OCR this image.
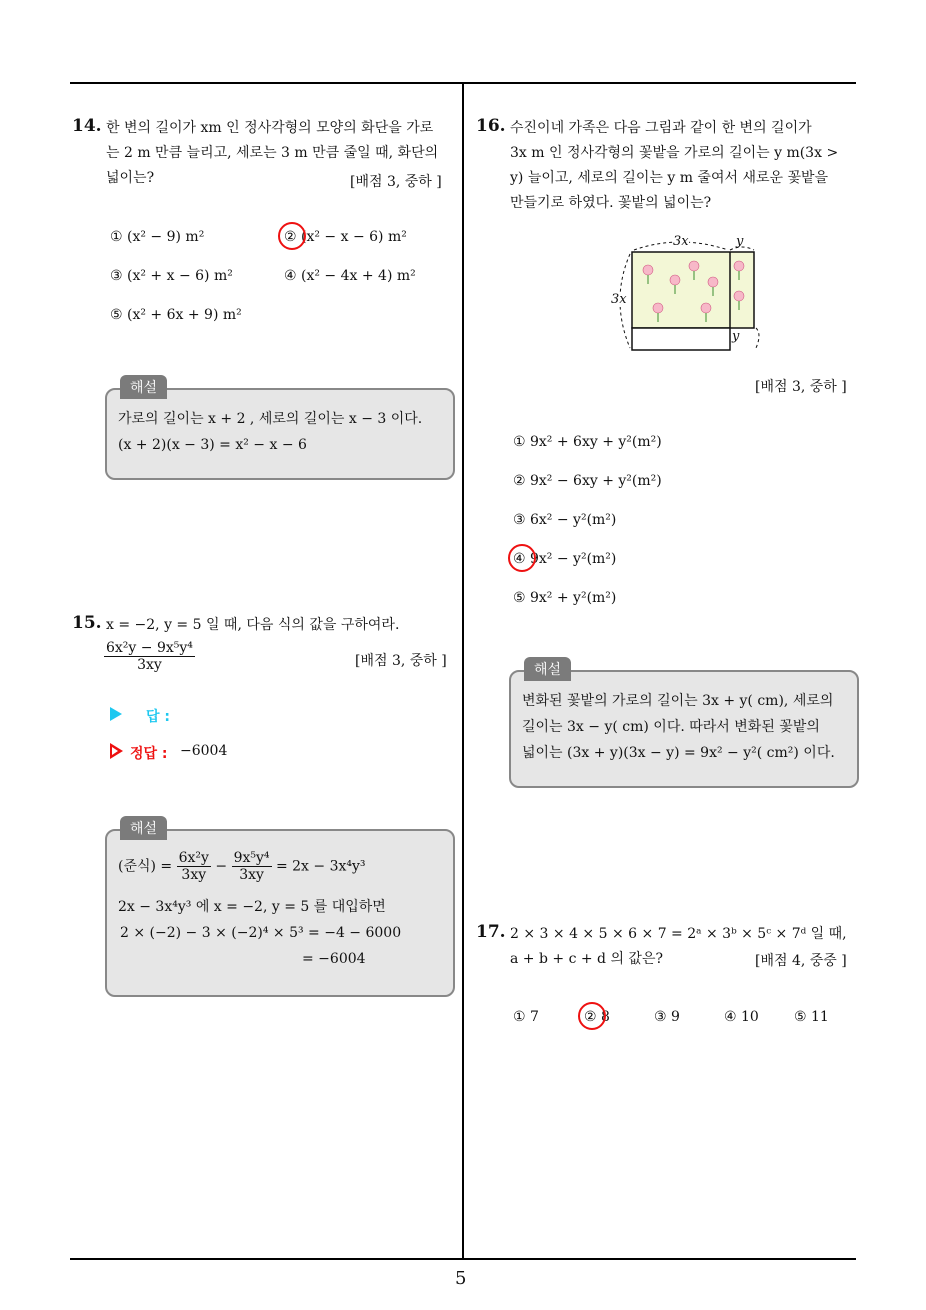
5
14. 한 변의 길이가 xm 인 정사각형의 모양의 화단을 가로
는 2 m 만큼 늘리고, 세로는 3 m 만큼 줄일 때, 화단의
넓이는?	[배점 3, 중하 ]
① (x² − 9) m²	② (x² − x − 6) m²
③ (x² + x − 6) m²	④ (x² − 4x + 4) m²
⑤ (x² + 6x + 9) m²
해설
가로의 길이는 x + 2 , 세로의 길이는 x − 3 이다.
(x + 2)(x − 3) = x² − x − 6
15. x = −2, y = 5 일 때, 다음 식의 값을 구하여라.
$\frac{\text{6x²y − 9x⁵y⁴}}{3xy}$	[배점 3, 중하 ]
답 :
정답 : −6004
해설
(준식) = $\frac{\text{6x²y}}{3xy} - \frac{\text{9x⁵y⁴}}{3xy} = 2x - 3x^4y^3$
2x − 3x⁴y³ 에 x = −2, y = 5 를 대입하면
2 × (−2) − 3 × (−2)⁴ × 5³ = −4 − 6000
= −6004
16. 수진이네 가족은 다음 그림과 같이 한 변의 길이가
3x m 인 정사각형의 꽃밭을 가로의 길이는 y m(3x >
y) 늘이고, 세로의 길이는 y m 줄여서 새로운 꽃밭을
만들기로 하였다. 꽃밭의 넓이는?
3x	y
3x
y
[배점 3, 중하 ]
① 9x² + 6xy + y²(m²)
② 9x² − 6xy + y²(m²)
③ 6x² − y²(m²)
④ 9x² − y²(m²)
⑤ 9x² + y²(m²)
해설
변화된 꽃밭의 가로의 길이는 3x + y( cm), 세로의
길이는 3x − y( cm) 이다. 따라서 변화된 꽃밭의
넓이는 (3x + y)(3x − y) = 9x² − y²( cm²) 이다.
17. 2 × 3 × 4 × 5 × 6 × 7 = 2ᵃ × 3ᵇ × 5ᶜ × 7ᵈ 일 때,
a + b + c + d 의 값은?	[배점 4, 중중 ]
① 7	② 8	③ 9	④ 10	⑤ 11
